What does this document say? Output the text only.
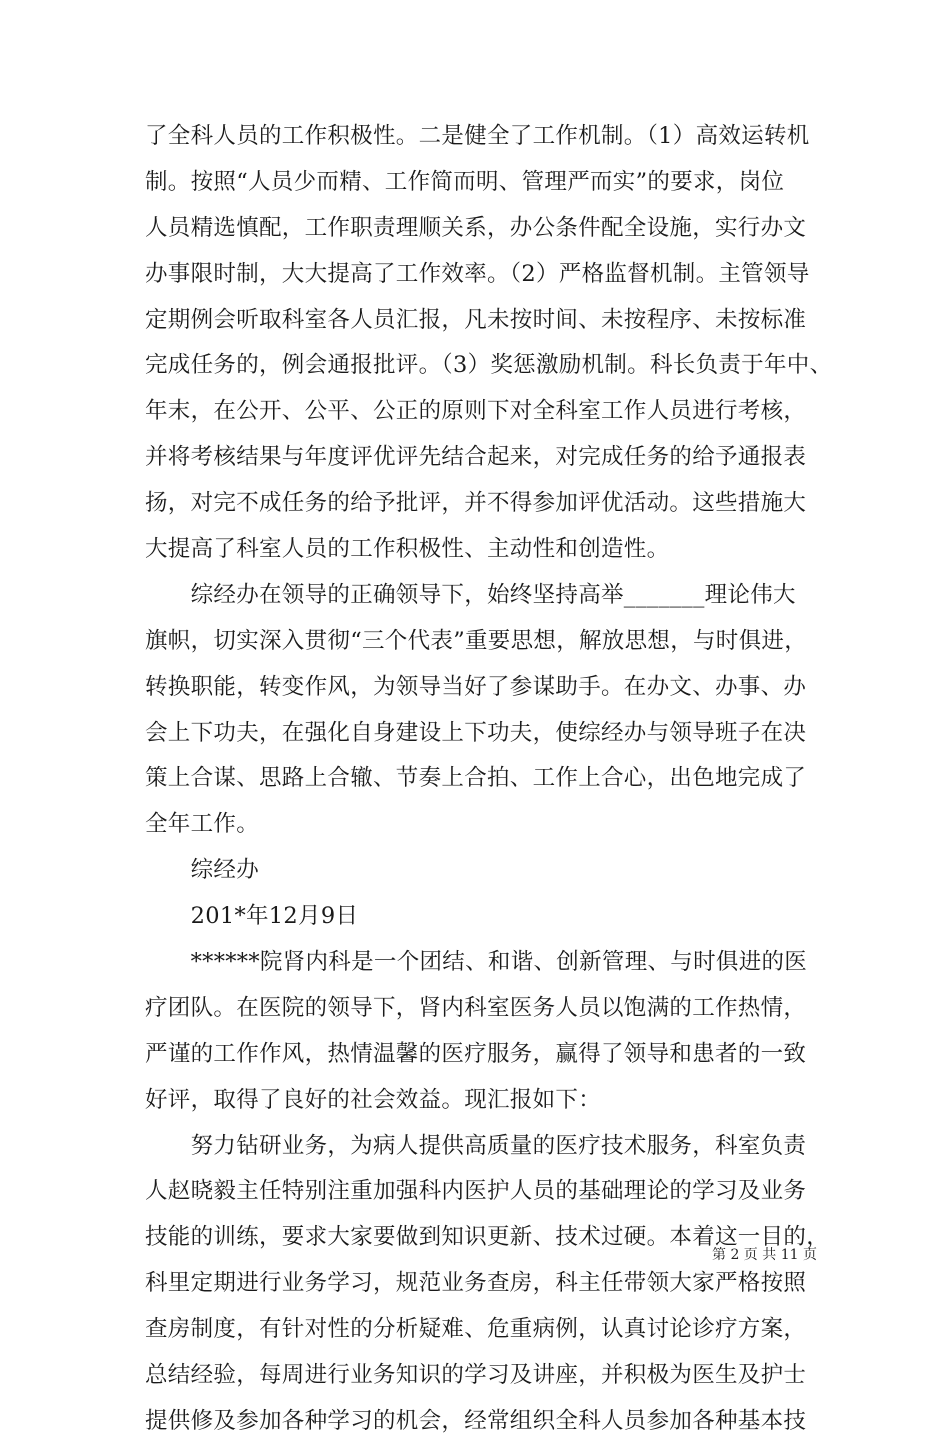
了全科人员的工作积极性。二是健全了工作机制。（1）高效运转机
制。按照“人员少而精、工作简而明、管理严而实”的要求，岗位
人员精选慎配，工作职责理顺关系，办公条件配全设施，实行办文
办事限时制，大大提高了工作效率。（2）严格监督机制。主管领导
定期例会听取科室各人员汇报，凡未按时间、未按程序、未按标准
完成任务的，例会通报批评。（3）奖惩激励机制。科长负责于年中、
年末，在公开、公平、公正的原则下对全科室工作人员进行考核，
并将考核结果与年度评优评先结合起来，对完成任务的给予通报表
扬，对完不成任务的给予批评，并不得参加评优活动。这些措施大
大提高了科室人员的工作积极性、主动性和创造性。
　　综经办在领导的正确领导下，始终坚持高举_______理论伟大
旗帜，切实深入贯彻“三个代表”重要思想，解放思想，与时俱进，
转换职能，转变作风，为领导当好了参谋助手。在办文、办事、办
会上下功夫，在强化自身建设上下功夫，使综经办与领导班子在决
策上合谋、思路上合辙、节奏上合拍、工作上合心，出色地完成了
全年工作。
　　综经办
　　201*年12月9日
　　******院肾内科是一个团结、和谐、创新管理、与时俱进的医
疗团队。在医院的领导下，肾内科室医务人员以饱满的工作热情，
严谨的工作作风，热情温馨的医疗服务，赢得了领导和患者的一致
好评，取得了良好的社会效益。现汇报如下：
　　努力钻研业务，为病人提供高质量的医疗技术服务，科室负责
人赵晓毅主任特别注重加强科内医护人员的基础理论的学习及业务
技能的训练，要求大家要做到知识更新、技术过硬。本着这一目的，
科里定期进行业务学习，规范业务查房，科主任带领大家严格按照
查房制度，有针对性的分析疑难、危重病例，认真讨论诊疗方案，
总结经验，每周进行业务知识的学习及讲座，并积极为医生及护士
提供修及参加各种学习的机会，经常组织全科人员参加各种基本技
第 2 页 共 11 页
